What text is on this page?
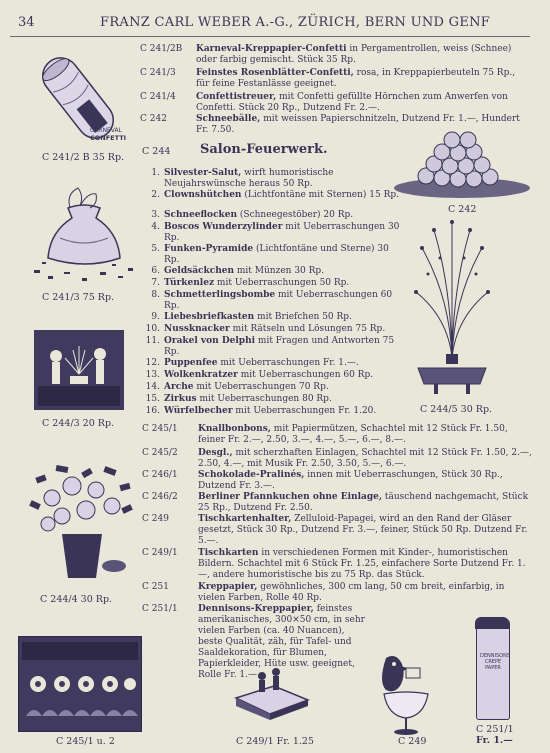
34	FRANZ CARL WEBER A.-G., ZÜRICH, BERN UND GENF
CARNEVAL
CONFETTI
C 241/2 B 35 Rp.
C 242
C 241/3 75 Rp.
C 244/3 20 Rp.
C 244/5 30 Rp.
C 244/4 30 Rp.
C 245/1 u. 2	C 249/1 Fr. 1.25	C 249
DENNISONS CREPE PAPER
C 251/1
Fr. 1.—
C 241/2B	Karneval-Kreppapier-Confetti in Pergamentrollen, weiss (Schnee) oder farbig gemischt. Stück 35 Rp.
C 241/3	Feinstes Rosenblätter-Confetti, rosa, in Kreppapierbeuteln 75 Rp., für feine Festanlässe geeignet.
C 241/4	Confettistreuer, mit Confetti gefüllte Hörnchen zum Anwerfen von Confetti. Stück 20 Rp., Dutzend Fr. 2.—.
C 242	Schneebälle, mit weissen Papierschnitzeln, Dutzend Fr. 1.—, Hundert Fr. 7.50.
C 244 Salon-Feuerwerk.
1. Silvester-Salut, wirft humoristische Neujahrswünsche heraus 50 Rp.
2. Clownshütchen (Lichtfontäne mit Sternen) 15 Rp.
3. Schneeflocken (Schneegestöber) 20 Rp.
4. Boscos Wunderzylinder mit Ueberraschungen 30 Rp.
5. Funken-Pyramide (Lichtfontäne und Sterne) 30 Rp.
6. Geldsäckchen mit Münzen 30 Rp.
7. Türkenlez mit Ueberraschungen 50 Rp.
8. Schmetterlingsbombe mit Ueberraschungen 60 Rp.
9. Liebesbriefkasten mit Briefchen 50 Rp.
10. Nussknacker mit Rätseln und Lösungen 75 Rp.
11. Orakel von Delphi mit Fragen und Antworten 75 Rp.
12. Puppenfee mit Ueberraschungen Fr. 1.—.
13. Wolkenkratzer mit Ueberraschungen 60 Rp.
14. Arche mit Ueberraschungen 70 Rp.
15. Zirkus mit Ueberraschungen 80 Rp.
16. Würfelbecher mit Ueberraschungen Fr. 1.20.
C 245/1	Knallbonbons, mit Papiermützen, Schachtel mit 12 Stück Fr. 1.50, feiner Fr. 2.—, 2.50, 3.—, 4.—, 5.—, 6.—, 8.—.
C 245/2	Desgl., mit scherzhaften Einlagen, Schachtel mit 12 Stück Fr. 1.50, 2.—, 2.50, 4.—, mit Musik Fr. 2.50, 3.50, 5.—, 6.—.
C 246/1	Schokolade-Pralinés, innen mit Ueberraschungen, Stück 30 Rp., Dutzend Fr. 3.—.
C 246/2	Berliner Pfannkuchen ohne Einlage, täuschend nachgemacht, Stück 25 Rp., Dutzend Fr. 2.50.
C 249	Tischkartenhalter, Zelluloid-Papagei, wird an den Rand der Gläser gesetzt, Stück 30 Rp., Dutzend Fr. 3.—, feiner, Stück 50 Rp. Dutzend Fr. 5.—.
C 249/1	Tischkarten in verschiedenen Formen mit Kinder-, humoristischen Bildern. Schachtel mit 6 Stück Fr. 1.25, einfachere Sorte Dutzend Fr. 1.—, andere humoristische bis zu 75 Rp. das Stück.
C 251	Kreppapier, gewöhnliches, 300 cm lang, 50 cm breit, einfarbig, in vielen Farben, Rolle 40 Rp.
C 251/1	Dennisons-Kreppapier, feinstes amerikanisches, 300×50 cm, in sehr vielen Farben (ca. 40 Nuancen), beste Qualität, zäh, für Tafel- und Saaldekoration, für Blumen, Papierkleider, Hüte usw. geeignet, Rolle Fr. 1.—.
